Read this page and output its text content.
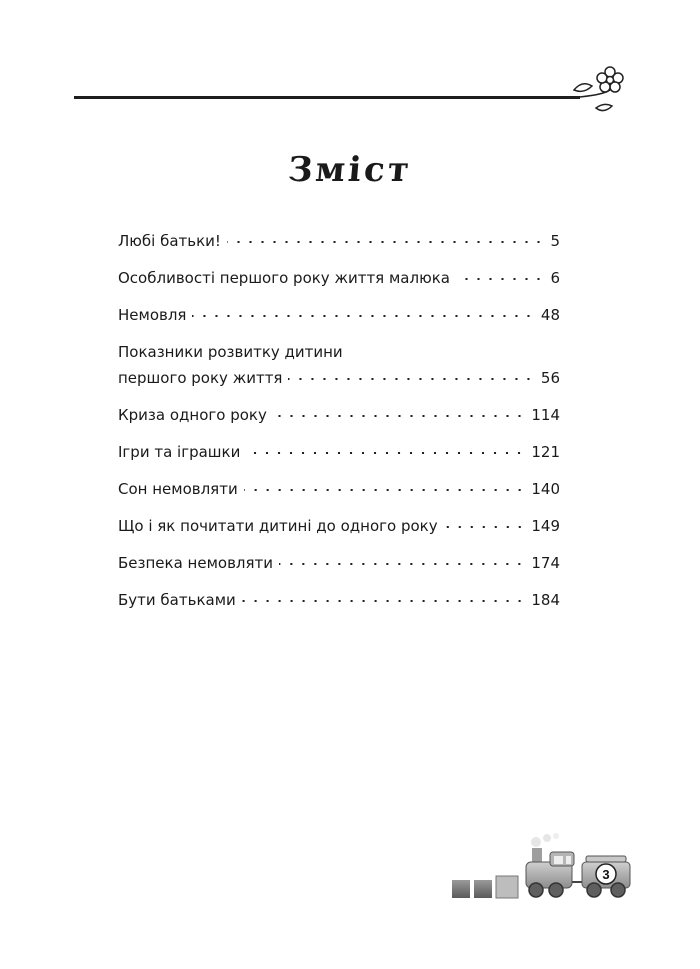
Зміст
Любі батьки!	5
Особливості першого року життя малюка	6
Немовля	48
Показники розвитку дитини
першого року життя	56
Криза одного року	114
Ігри та іграшки	121
Сон немовляти	140
Що і як почитати дитині до одного року	149
Безпека немовляти	174
Бути батьками	184
3
